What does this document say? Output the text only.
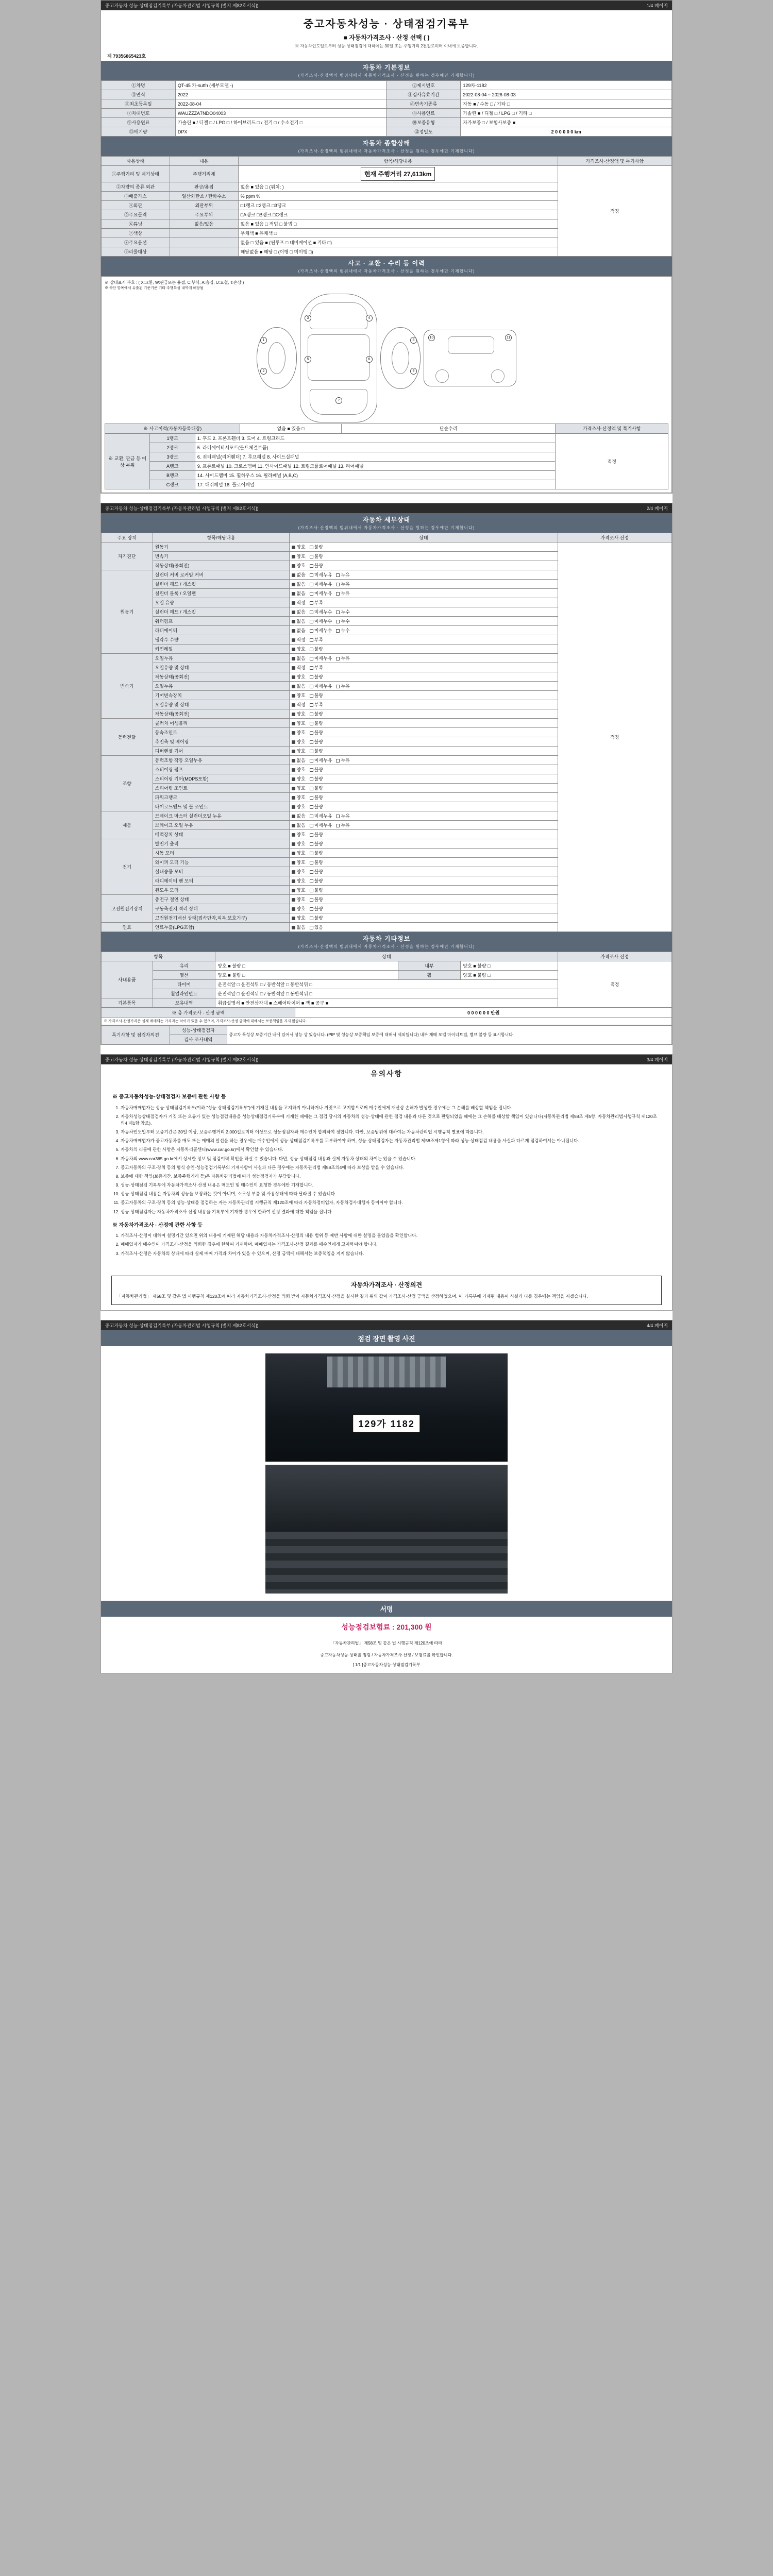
중고자동차 성능·상태점검기록부 (자동차관리법 시행규칙 [별지 제82호서식])	1/4 페이지
중고자동차성능 · 상태점검기록부
■ 자동차가격조사 · 산정 선택 ( )
※ 자동차인도일로부터 성능·상태점검에 대하여는 30일 또는 주행거리 2천킬로미터 이내에 보증합니다.
제 79356865423호
자동차 기본정보
(가격조사·산정액의 범위내에서 자동차가격조사 · 산정을 원하는 경우에만 기재합니다)
①차명	QT-45 카-sutfn (세부모델 -)	②제시번호	129차-1182
③연식	2022	④검사유효기간	2022-08-04 ~ 2026-08-03
⑤최초등록일	2022-08-04	⑥변속기종류	자동 ■ / 수동 □ / 기타 □
⑦차대번호	WAUZZZA7NDO04003	⑧사용연료	가솔린 ■ / 디젤 □ / LPG □ / 기타 □
⑨사용연료	가솔린 ■ / 디젤 □ / LPG □ / 하이브리드 □ / 전기 □ / 수소전기 □	⑩보증유형	자가보증 □ / 보험사보증 ■
⑪배기량	DPX	⑫정밀도	2 0 0 0 0 0 km
자동차 종합상태
(가격조사·산정액의 범위내에서 자동차가격조사 · 산정을 원하는 경우에만 기재합니다)
사용상태	내용	항목/해당내용	가격조사·산정액 및 특기사항
①주행거리 및 계기상태	주행거리계	현재 주행거리 27,613km	적정
②차량의 종류 외관	판금/용접	없음 ■ 있음 □ (위치: )	
③배출가스	일산화탄소 / 탄화수소	% ppm %	
④외판	외판부위	□1랭크 □2랭크 □3랭크	
⑤주요골격	주요부위	□A랭크 □B랭크 □C랭크	
⑥튜닝	없음/있음	없음 ■ 있음 □ 적법 □ 불법 □	
⑦색상		무채색 ■ 유채색 □	
⑧주요옵션		없음 □ 있음 ■ (썬루프 □ 네비게이션 ■ 기타 □)	
⑨리콜대상		해당없음 ■ 해당 □ (이행 □ 미이행 □)	
사고 · 교환 · 수리 등 이력
(가격조사·산정액의 범위내에서 자동차가격조사 · 산정을 원하는 경우에만 기재합니다)
※ 상태표시 부호 : ( X:교환, W:판금또는 용접, C:부식, A:흠집, U:요철, T:손상 )
※ 하단 항목에서 유출된 기준기준 기타 주행특성 내역에 해당됨
1
2
3	4
5	6
7
8
9
10	11
※ 사고이력(자동차등록대장)	없음 ■ 있음 □	단순수리	가격조사·산정액 및 특기사항
※ 교환, 판금 등 이상 부위	1랭크	1. 후드 2. 프론트휀더 3. 도어 4. 트렁크리드	적정
	2랭크	5. 라디에이터서포트(볼트체결부품)	
	3랭크	6. 쿼터패널(리어휀더) 7. 루프패널 8. 사이드실패널	
	A랭크	9. 프론트패널 10. 크로스멤버 11. 인사이드패널 12. 트렁크플로어패널 13. 리어패널	
	B랭크	14. 사이드멤버 15. 휠하우스 16. 필라패널 (A,B,C)	
	C랭크	17. 대쉬패널 18. 플로어패널	
중고자동차 성능·상태점검기록부 (자동차관리법 시행규칙 [별지 제82호서식])	2/4 페이지
자동차 세부상태
(가격조사·산정액의 범위내에서 자동차가격조사 · 산정을 원하는 경우에만 기재합니다)
주요 장치	항목/해당내용	상태	가격조사·산정
자기진단	원동기	양호 불량	적정
	변속기	양호 불량	
	작동상태(공회전)	양호 불량	
원동기	실린더 커버 로커암 커버	없음 미세누유 누유	
	실린더 헤드 / 개스킷	없음 미세누유 누유	
	실린더 블록 / 오일팬	없음 미세누유 누유	
	오일 유량	적정 부족	
	실린더 헤드 / 개스킷	없음 미세누수 누수	
	워터펌프	없음 미세누수 누수	
	라디에이터	없음 미세누수 누수	
	냉각수 수량	적정 부족	
	커먼레일	양호 불량	
변속기	오일누유	없음 미세누유 누유	
	오일유량 및 상태	적정 부족	
	작동상태(공회전)	양호 불량	
	오일누유	없음 미세누유 누유	
	기어변속장치	양호 불량	
	오일유량 및 상태	적정 부족	
	작동상태(공회전)	양호 불량	
동력전달	클러치 어셈블리	양호 불량	
	등속조인트	양호 불량	
	추진축 및 베어링	양호 불량	
	디퍼렌셜 기어	양호 불량	
조향	동력조향 작동 오일누유	없음 미세누유 누유	
	스티어링 펌프	양호 불량	
	스티어링 기어(MDPS포함)	양호 불량	
	스티어링 조인트	양호 불량	
	파워크랭크	양호 불량	
	타이로드엔드 및 볼 조인트	양호 불량	
제동	브레이크 마스터 실린더오일 누유	없음 미세누유 누유	
	브레이크 오일 누유	없음 미세누유 누유	
	배력장치 상태	양호 불량	
전기	발전기 출력	양호 불량	
	시동 모터	양호 불량	
	와이퍼 모터 기능	양호 불량	
	실내송풍 모터	양호 불량	
	라디에이터 팬 모터	양호 불량	
	윈도우 모터	양호 불량	
고전원전기장치	충전구 절연 상태	양호 불량	
	구동축전지 격리 상태	양호 불량	
	고전원전기배선 상태(접속단자,피복,보호기구)	양호 불량	
연료	연료누출(LPG포함)	없음 있음	
자동차 기타정보
(가격조사·산정액의 범위내에서 자동차가격조사 · 산정을 원하는 경우에만 기재합니다)
항목		상태			가격조사·산정
사내용품	유리	양호 ■ 불량 □	내부	양호 ■ 불량 □	적정
	열선	양호 ■ 불량 □	휠	양호 ■ 불량 □	
	타이어	운전석앞 □ 운전석뒤 □ / 동반석앞 □ 동반석뒤 □			
	휠얼라인먼트	운전석앞 □ 운전석뒤 □ / 동반석앞 □ 동반석뒤 □			
기본품목	보유내역	취급설명서 ■ 안전삼각대 ■ 스페어타이어 ■ 잭 ■ 공구 ■			
※ 총 가격조사 · 산정 금액	0 0 0 0 0 0 만원
※ 가격조사·산정가격은 실제 매매되는 가격과는 차이가 있을 수 있으며, 가격조사·산정 금액에 대해서는 보증책임을 지지 않습니다.
특기사항 및 점검자의견	성능·상태점검자	중고차 특성상 보증기간 내에 있어서 성능 상 있습니다. (PIP 및 성능상 보증책임 보증에 대해서 제외됩니다) 내부 재매 모델 마이너트립, 벨브 불량 등 표시합니다
검사·조사내역
중고자동차 성능·상태점검기록부 (자동차관리법 시행규칙 [별지 제82호서식])	3/4 페이지
유의사항
※ 중고자동차성능·상태점검자 보증에 관한 사항 등
1. 자동차매매업자는 성능·상태점검기록부(이하 "성능·상태점검기록부")에 기재된 내용을 고지하지 아니하거나 거짓으로 고지함으로써 매수인에게 재산상 손해가 발생한 경우에는 그 손해를 배상할 책임을 집니다.
2. 자동차성능상태점검자가 거짓 또는 오류가 있는 성능점검내용을 성능상태점검기록부에 기재한 때에는 그 점검 당시의 자동차의 성능·상태에 관한 점검 내용과 다른 것으로 판명되었을 때에는 그 손해를 배상할 책임이 있습니다(자동차관리법 제58조 제5항, 자동차관리법시행규칙 제120조의4 제1항 참조).
3. 자동차인도일부터 보증기간은 30일 이상, 보증주행거리 2,000킬로미터 이상으로 성능점검자와 매수인이 합의하여 정합니다. 다만, 보증범위에 대하여는 자동차관리법 시행규칙 별표에 따릅니다.
4. 자동차매매업자가 중고자동차를 매도 또는 매매의 알선을 하는 경우에는 매수인에게 성능·상태점검기록부를 교부하여야 하며, 성능·상태점검자는 자동차관리법 제58조제1항에 따라 성능·상태점검 내용을 사실과 다르게 점검하여서는 아니됩니다.
5. 자동차의 리콜에 관한 사항은 자동차리콜센터(www.car.go.kr)에서 확인할 수 있습니다.
6. 자동차의 www.car365.go.kr에서 상세한 정보 및 점검이력 확인을 하실 수 있습니다. 다만, 성능·상태점검 내용과 실제 자동차 상태의 차이는 있을 수 있습니다.
7. 중고자동차의 구조·장치 등의 형식 승인·성능점검기록부의 기재사항이 사실과 다른 경우에는 자동차관리법 제58조의4에 따라 보상을 받을 수 있습니다.
8. 보증에 대한 책임(보증기간, 보증주행거리 등)은 자동차관리법에 따라 성능점검자가 부담합니다.
9. 성능·상태점검 기록부에 자동차가격조사·산정 내용은 매도인 및 매수인이 요청한 경우에만 기재합니다.
10. 성능·상태점검 내용은 자동차의 성능을 보장하는 것이 아니며, 소모성 부품 및 사용상태에 따라 달라질 수 있습니다.
11. 중고자동차의 구조·장치 등의 성능·상태를 점검하는 자는 자동차관리법 시행규칙 제120조에 따라 자동차정비업자, 자동차검사대행자 등이어야 합니다.
12. 성능·상태점검자는 자동차가격조사·산정 내용을 기록부에 기재한 경우에 한하여 산정 결과에 대한 책임을 집니다.
※ 자동차가격조사 · 산정에 관한 사항 등
1. 가격조사·산정이 대하여 설명기간 있으면 위의 내용에 기재된 해당 내용과 자동차가격조사·산정의 내용 범위 등 제반 사항에 대한 설명을 들었음을 확인합니다.
2. 매매업자가 매수인이 가격조사·산정을 의뢰한 경우에 한하여 기재하며, 매매업자는 가격조사·산정 결과를 매수인에게 고지하여야 합니다.
3. 가격조사·산정은 자동차의 상태에 따라 실제 매매 가격과 차이가 있을 수 있으며, 산정 금액에 대해서는 보증책임을 지지 않습니다.
자동차가격조사 · 산정의견
「자동차관리법」 제58조 및 같은 법 시행규칙 제120조에 따라 자동차가격조사·산정을 의뢰 받아 자동차가격조사·산정을 실시한 결과 위와 같이 가격조사·산정 금액을 산정하였으며, 이 기록부에 기재된 내용이 사실과 다를 경우에는 책임을 지겠습니다.
중고자동차 성능·상태점검기록부 (자동차관리법 시행규칙 [별지 제82호서식])	4/4 페이지
점검 장면 촬영 사진
129가 1182
서명
성능점검보험료 : 201,300 원
「자동차관리법」 제58조 및 같은 법 시행규칙 제120조에 따라
중고자동차성능·상태를 점검 / 자동차가격조사·산정 / 보험료를 확인합니다.
[ 1/1 ]중고자동차성능·상태점검기록부
